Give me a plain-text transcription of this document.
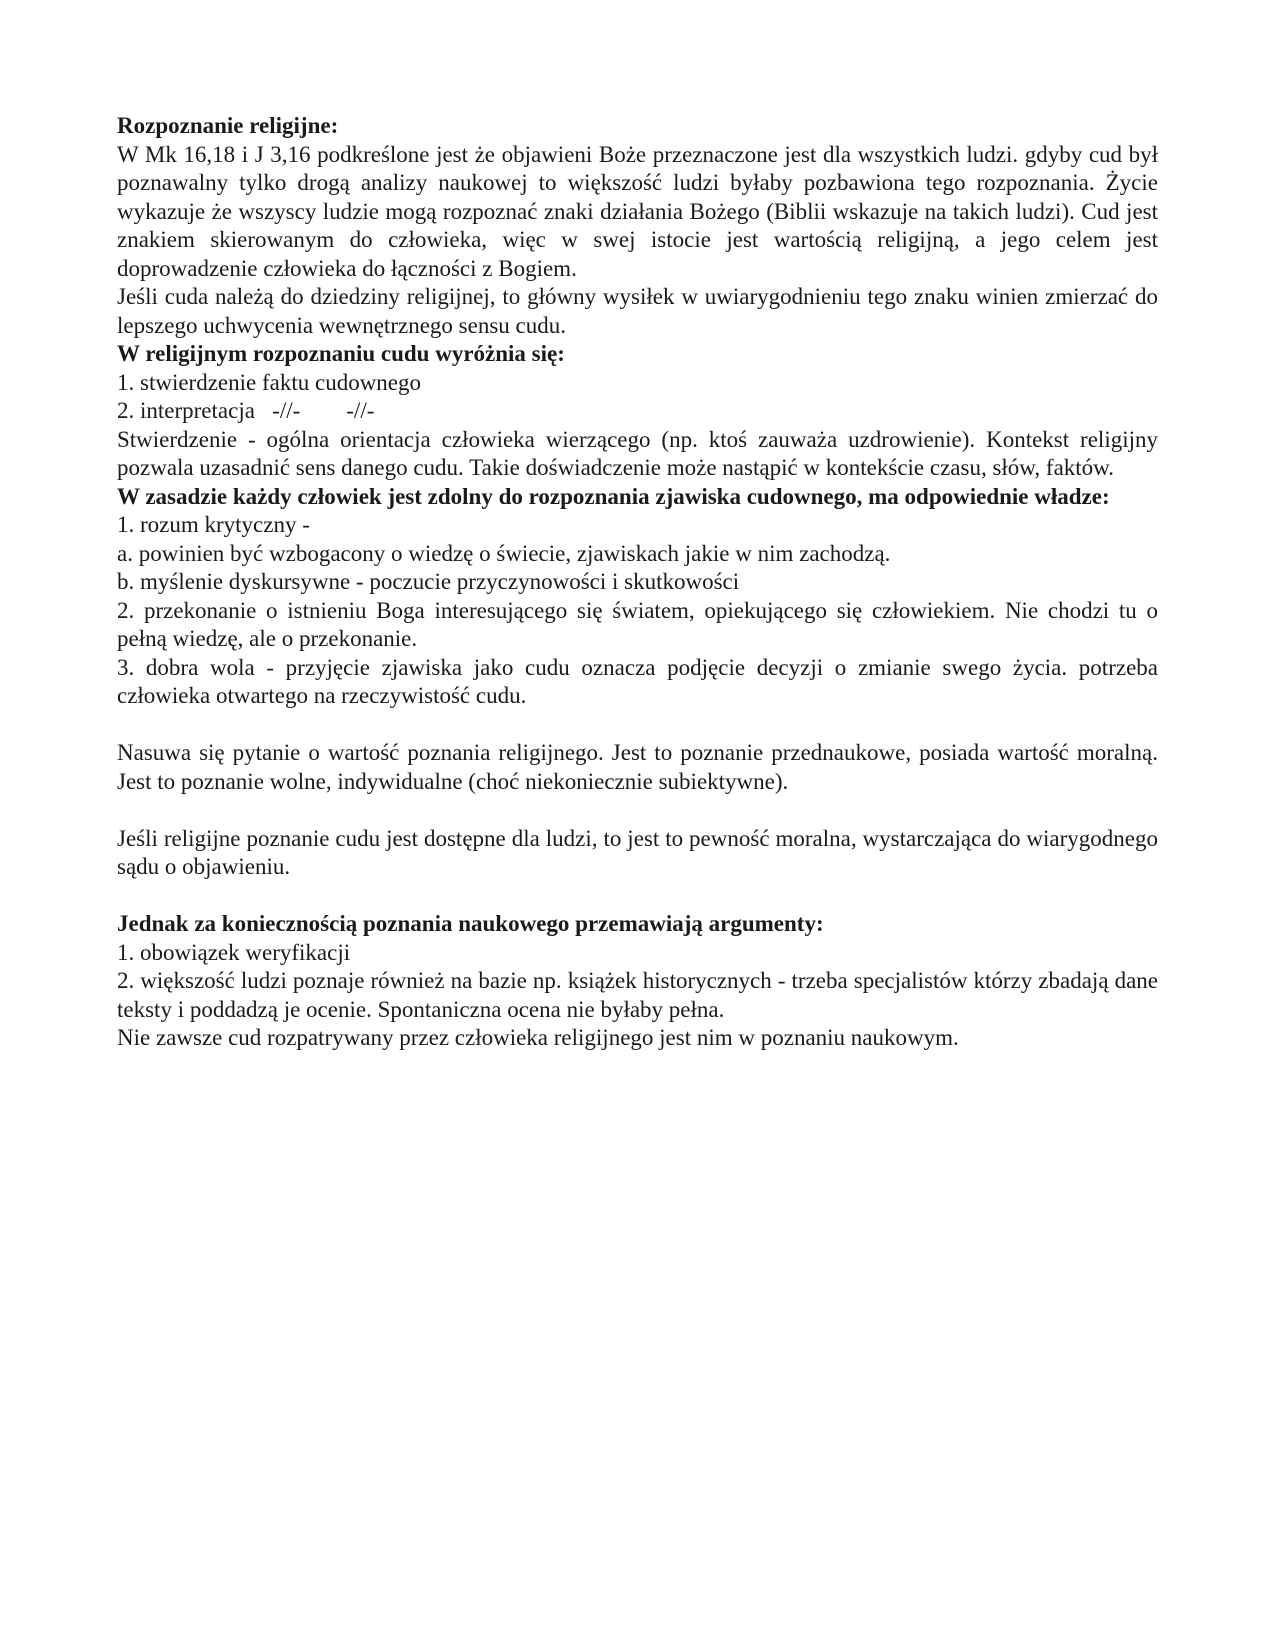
Rozpoznanie religijne:

W Mk 16,18 i J 3,16 podkreślone jest że objawieni Boże przeznaczone jest dla wszystkich ludzi. gdyby cud był poznawalny tylko drogą analizy naukowej to większość ludzi byłaby pozbawiona tego rozpoznania. Życie wykazuje że wszyscy ludzie mogą rozpoznać znaki działania Bożego (Biblii wskazuje na takich ludzi). Cud jest znakiem skierowanym do człowieka, więc w swej istocie jest wartością religijną, a jego celem jest doprowadzenie człowieka do łączności z Bogiem.

Jeśli cuda należą do dziedziny religijnej, to główny wysiłek w uwiarygodnieniu tego znaku winien zmierzać do lepszego uchwycenia wewnętrznego sensu cudu.

W religijnym rozpoznaniu cudu wyróżnia się:

1. stwierdzenie faktu cudownego

2. interpretacja   -//-        -//-

Stwierdzenie - ogólna orientacja człowieka wierzącego (np. ktoś zauważa uzdrowienie). Kontekst religijny pozwala uzasadnić sens danego cudu. Takie doświadczenie może nastąpić w kontekście czasu, słów, faktów.

W zasadzie każdy człowiek jest zdolny do rozpoznania zjawiska cudownego, ma odpowiednie władze:

1. rozum krytyczny -

a. powinien być wzbogacony o wiedzę o świecie, zjawiskach jakie w nim zachodzą.

b. myślenie dyskursywne - poczucie przyczynowości i skutkowości

2. przekonanie o istnieniu Boga interesującego się światem, opiekującego się człowiekiem. Nie chodzi tu o pełną wiedzę, ale o przekonanie.

3. dobra wola - przyjęcie zjawiska jako cudu oznacza podjęcie decyzji o zmianie swego życia. potrzeba człowieka otwartego na rzeczywistość cudu.

Nasuwa się pytanie o wartość poznania religijnego. Jest to poznanie przednaukowe, posiada wartość moralną. Jest to poznanie wolne, indywidualne (choć niekoniecznie subiektywne).

Jeśli religijne poznanie cudu jest dostępne dla ludzi, to jest to pewność moralna, wystarczająca do wiarygodnego sądu o objawieniu.

Jednak za koniecznością poznania naukowego przemawiają argumenty:

1. obowiązek weryfikacji

2. większość ludzi poznaje również na bazie np. książek historycznych - trzeba specjalistów którzy zbadają dane teksty i poddadzą je ocenie. Spontaniczna ocena nie byłaby pełna.

Nie zawsze cud rozpatrywany przez człowieka religijnego jest nim w poznaniu naukowym.
